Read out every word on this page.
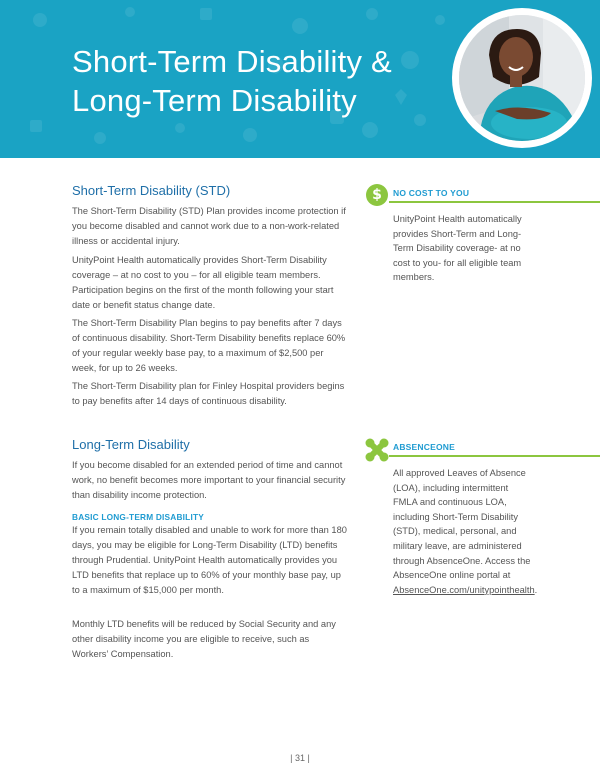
Short-Term Disability &
Long-Term Disability
Short-Term Disability (STD)

The Short-Term Disability (STD) Plan provides income protection if you become disabled and cannot work due to a non-work-related illness or accidental injury.

UnityPoint Health automatically provides Short-Term Disability coverage – at no cost to you – for all eligible team members. Participation begins on the first of the month following your start date or benefit status change date.

The Short-Term Disability Plan begins to pay benefits after 7 days of continuous disability. Short-Term Disability benefits replace 60% of your regular weekly base pay, to a maximum of $2,500 per week, for up to 26 weeks.

The Short-Term Disability plan for Finley Hospital providers begins to pay benefits after 14 days of continuous disability.

Long-Term Disability

If you become disabled for an extended period of time and cannot work, no benefit becomes more important to your financial security than disability income protection.

BASIC LONG-TERM DISABILITY

If you remain totally disabled and unable to work for more than 180 days, you may be eligible for Long-Term Disability (LTD) benefits through Prudential. UnityPoint Health automatically provides you LTD benefits that replace up to 60% of your monthly base pay, up to a maximum of $15,000 per month.

Monthly LTD benefits will be reduced by Social Security and any other disability income you are eligible to receive, such as Workers’ Compensation.

$	NO COST TO YOU

UnityPoint Health automatically provides Short-Term and Long-Term Disability coverage- at no cost to you- for all eligible team members.

ABSENCEONE

All approved Leaves of Absence (LOA), including intermittent FMLA and continuous LOA, including Short-Term Disability (STD), medical, personal, and military leave, are administered through AbsenceOne. Access the AbsenceOne online portal at AbsenceOne.com/unitypointhealth.

| 31 |
